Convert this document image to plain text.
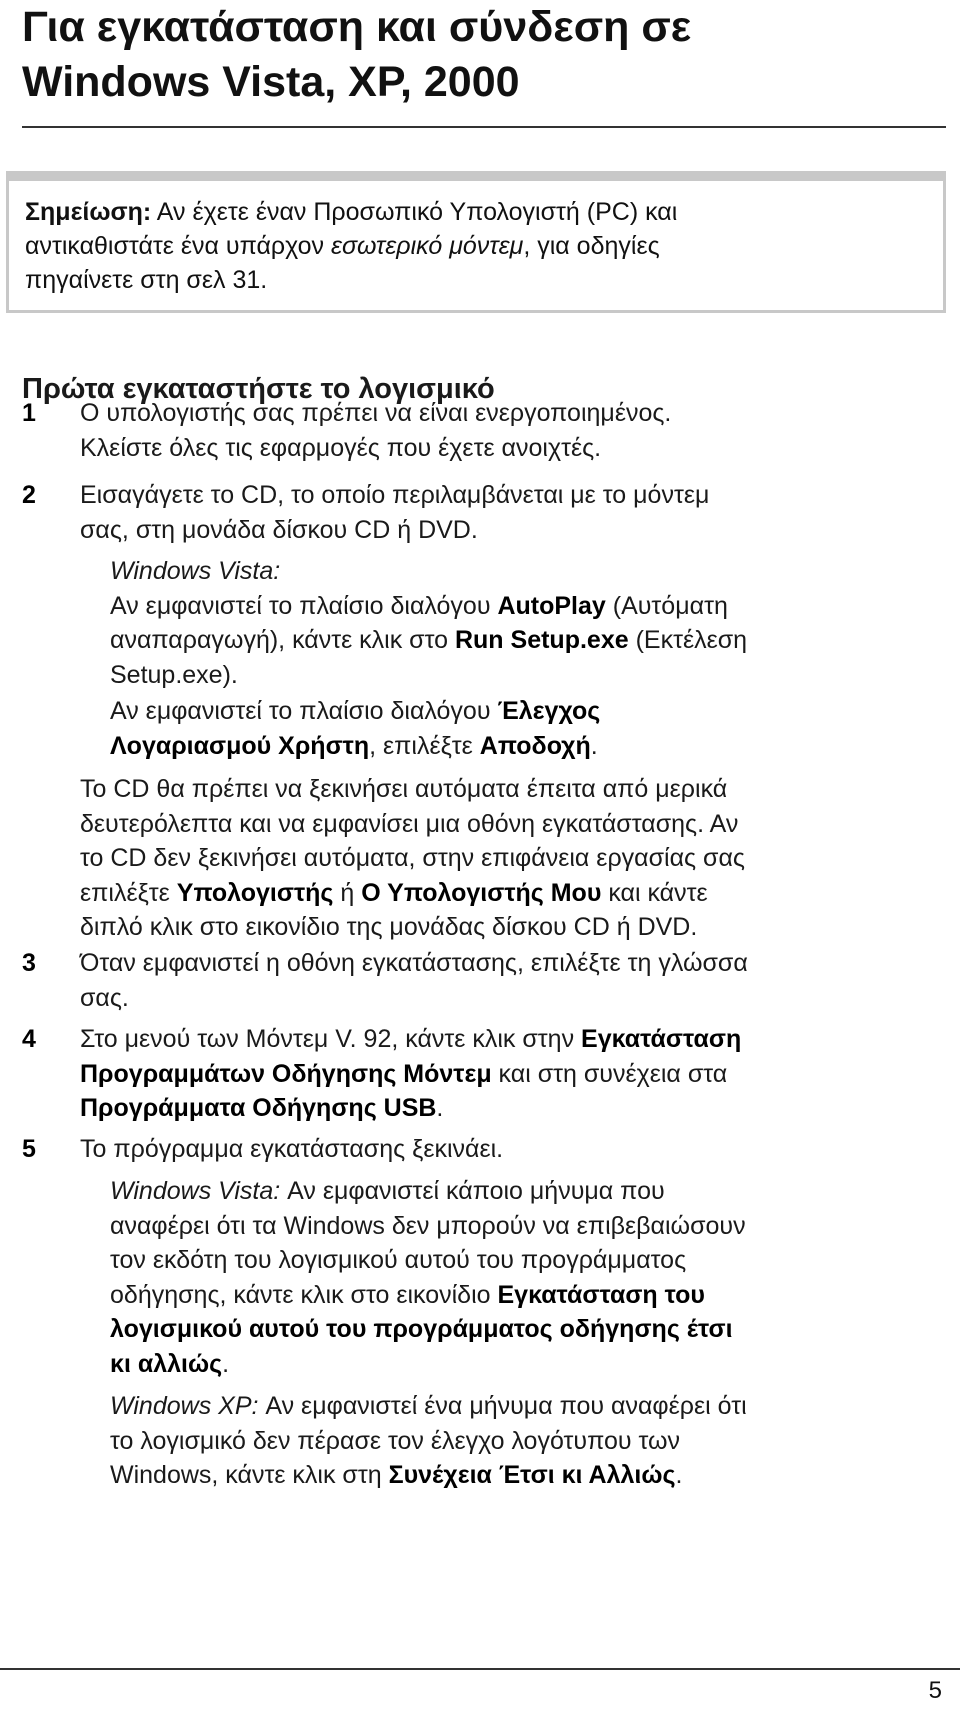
Για εγκατάσταση και σύνδεση σε
Windows Vista, XP, 2000
Σημείωση: Αν έχετε έναν Προσωπικό Υπολογιστή (PC) και
αντικαθιστάτε ένα υπάρχον εσωτερικό μόντεμ, για οδηγίες
πηγαίνετε στη σελ 31.
Πρώτα εγκαταστήστε το λογισμικό
1	Ο υπολογιστής σας πρέπει να είναι ενεργοποιημένος.
Κλείστε όλες τις εφαρμογές που έχετε ανοιχτές.
2	Εισαγάγετε το CD, το οποίο περιλαμβάνεται με το μόντεμ
σας, στη μονάδα δίσκου CD ή DVD.
Windows Vista:
Αν εμφανιστεί το πλαίσιο διαλόγου AutoPlay (Αυτόματη
αναπαραγωγή), κάντε κλικ στο Run Setup.exe (Εκτέλεση
Setup.exe).
Αν εμφανιστεί το πλαίσιο διαλόγου Έλεγχος
Λογαριασμού Χρήστη, επιλέξτε Αποδοχή.
Το CD θα πρέπει να ξεκινήσει αυτόματα έπειτα από μερικά
δευτερόλεπτα και να εμφανίσει μια οθόνη εγκατάστασης. Αν
το CD δεν ξεκινήσει αυτόματα, στην επιφάνεια εργασίας σας
επιλέξτε Υπολογιστής ή Ο Υπολογιστής Μου και κάντε
διπλό κλικ στο εικονίδιο της μονάδας δίσκου CD ή DVD.
3	Όταν εμφανιστεί η οθόνη εγκατάστασης, επιλέξτε τη γλώσσα
σας.
4	Στο μενού των Μόντεμ V. 92, κάντε κλικ στην Εγκατάσταση
Προγραμμάτων Οδήγησης Μόντεμ και στη συνέχεια στα
Προγράμματα Οδήγησης USB.
5	Το πρόγραμμα εγκατάστασης ξεκινάει.
Windows Vista: Αν εμφανιστεί κάποιο μήνυμα που
αναφέρει ότι τα Windows δεν μπορούν να επιβεβαιώσουν
τον εκδότη του λογισμικού αυτού του προγράμματος
οδήγησης, κάντε κλικ στο εικονίδιο Εγκατάσταση του
λογισμικού αυτού του προγράμματος οδήγησης έτσι
κι αλλιώς.
Windows XP: Αν εμφανιστεί ένα μήνυμα που αναφέρει ότι
το λογισμικό δεν πέρασε τον έλεγχο λογότυπου των
Windows, κάντε κλικ στη Συνέχεια Έτσι κι Αλλιώς.
5
